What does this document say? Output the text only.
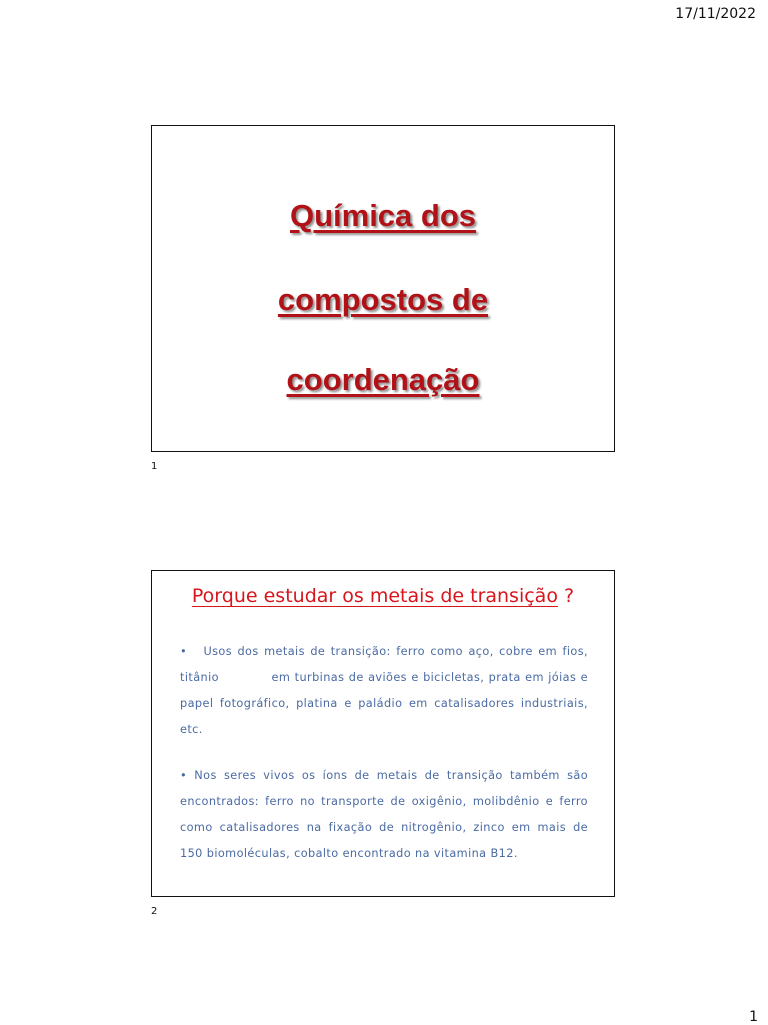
17/11/2022
Química dos
compostos de
coordenação
1
Porque estudar os metais de transição ?
•   Usos dos metais de transição: ferro como aço, cobre em fios,
titânio            em turbinas de aviões e bicicletas, prata em jóias e
papel fotográfico, platina e paládio em catalisadores industriais,
etc.
• Nos seres vivos os íons de metais de transição também são
encontrados: ferro no transporte de oxigênio, molibdênio e ferro
como catalisadores na fixação de nitrogênio, zinco em mais de
150 biomoléculas, cobalto encontrado na vitamina B12.
2
1
